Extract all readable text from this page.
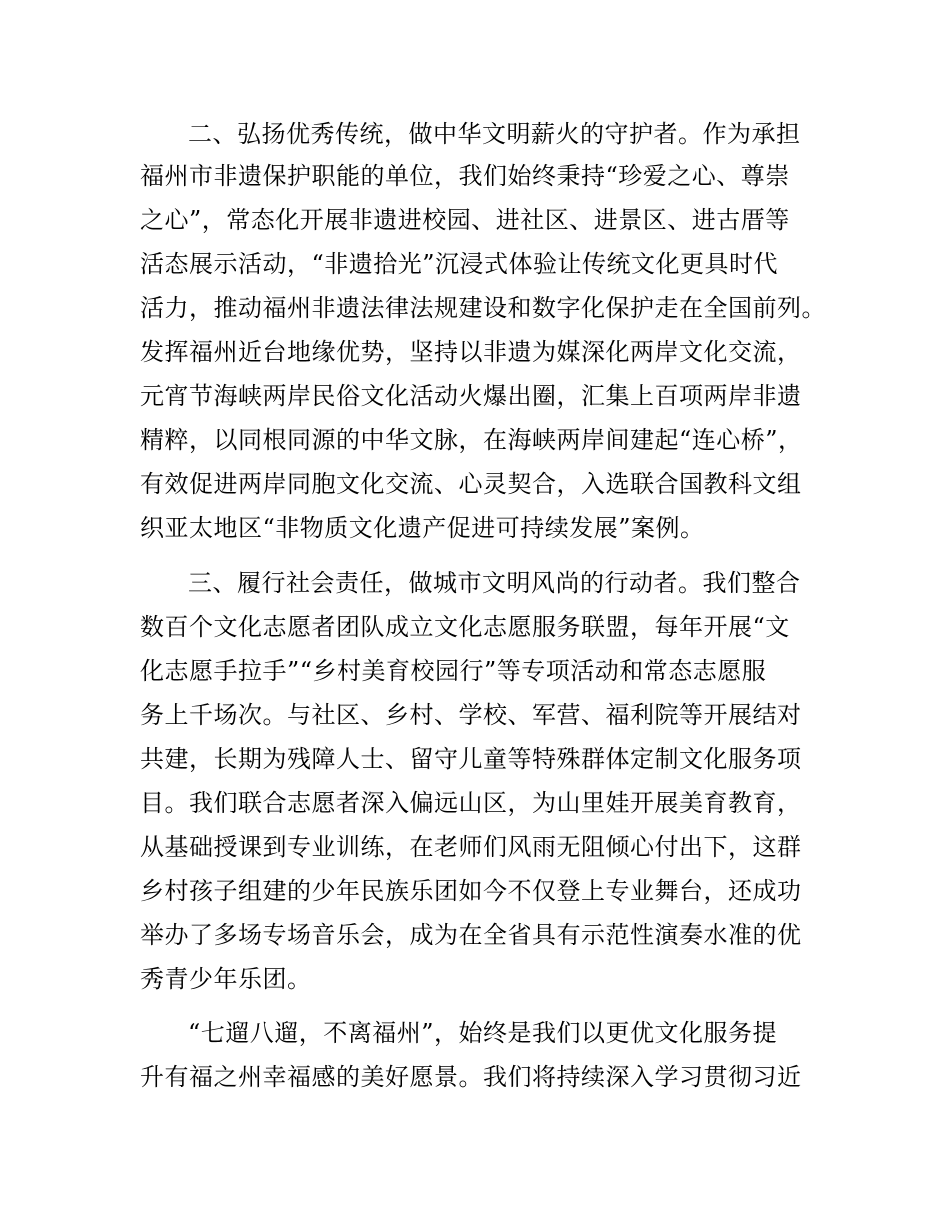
二、弘扬优秀传统，做中华文明薪火的守护者。作为承担
福州市非遗保护职能的单位，我们始终秉持“珍爱之心、尊崇
之心”，常态化开展非遗进校园、进社区、进景区、进古厝等
活态展示活动，“非遗拾光”沉浸式体验让传统文化更具时代
活力，推动福州非遗法律法规建设和数字化保护走在全国前列。
发挥福州近台地缘优势，坚持以非遗为媒深化两岸文化交流，
元宵节海峡两岸民俗文化活动火爆出圈，汇集上百项两岸非遗
精粹，以同根同源的中华文脉，在海峡两岸间建起“连心桥”，
有效促进两岸同胞文化交流、心灵契合，入选联合国教科文组
织亚太地区“非物质文化遗产促进可持续发展”案例。
三、履行社会责任，做城市文明风尚的行动者。我们整合
数百个文化志愿者团队成立文化志愿服务联盟，每年开展“文
化志愿手拉手”“乡村美育校园行”等专项活动和常态志愿服
务上千场次。与社区、乡村、学校、军营、福利院等开展结对
共建，长期为残障人士、留守儿童等特殊群体定制文化服务项
目。我们联合志愿者深入偏远山区，为山里娃开展美育教育，
从基础授课到专业训练，在老师们风雨无阻倾心付出下，这群
乡村孩子组建的少年民族乐团如今不仅登上专业舞台，还成功
举办了多场专场音乐会，成为在全省具有示范性演奏水准的优
秀青少年乐团。
“七遛八遛，不离福州”，始终是我们以更优文化服务提
升有福之州幸福感的美好愿景。我们将持续深入学习贯彻习近
